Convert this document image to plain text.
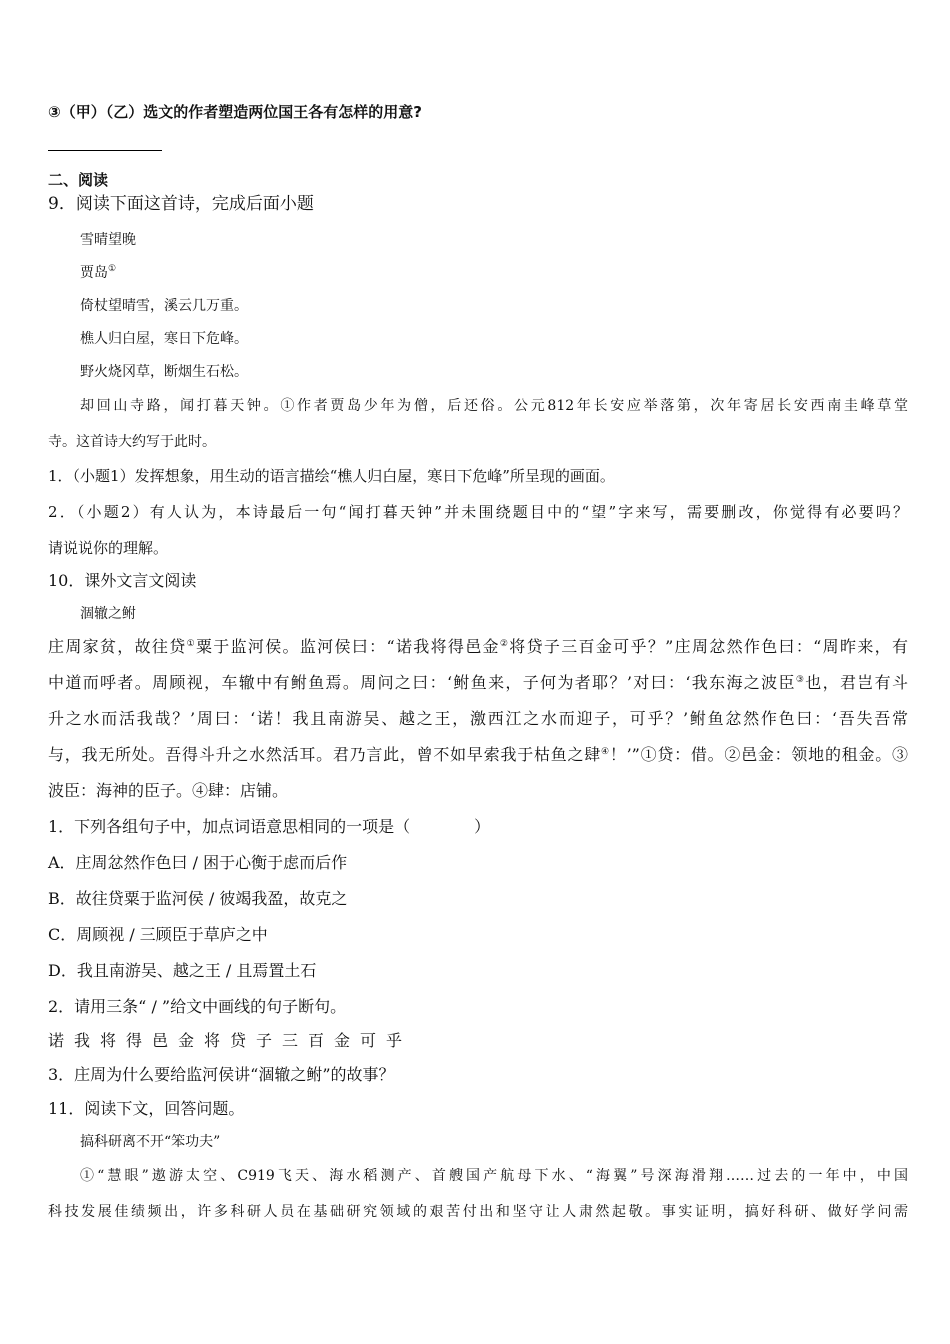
③（甲）（乙）选文的作者塑造两位国王各有怎样的用意?
二、阅读
9．阅读下面这首诗，完成后面小题
雪晴望晚
贾岛①
倚杖望晴雪，溪云几万重。
樵人归白屋，寒日下危峰。
野火烧冈草，断烟生石松。
却回山寺路，闻打暮天钟。①作者贾岛少年为僧，后还俗。公元812年长安应举落第，次年寄居长安西南圭峰草堂
寺。这首诗大约写于此时。
1．（小题1）发挥想象，用生动的语言描绘“樵人归白屋，寒日下危峰”所呈现的画面。
2．（小题2）有人认为，本诗最后一句“闻打暮天钟”并未围绕题目中的“望”字来写，需要删改，你觉得有必要吗？
请说说你的理解。
10．课外文言文阅读
涸辙之鲋
庄周家贫，故往贷①粟于监河侯。监河侯曰：“诺我将得邑金②将贷子三百金可乎？”庄周忿然作色曰：“周昨来，有
中道而呼者。周顾视，车辙中有鲋鱼焉。周问之曰：‘鲋鱼来，子何为者耶？’对曰：‘我东海之波臣③也，君岂有斗
升之水而活我哉？’周曰：‘诺！我且南游吴、越之王，激西江之水而迎子，可乎？’鲋鱼忿然作色曰：‘吾失吾常
与，我无所处。吾得斗升之水然活耳。君乃言此，曾不如早索我于枯鱼之肆④！’”①贷：借。②邑金：领地的租金。③
波臣：海神的臣子。④肆：店铺。
1．下列各组句子中，加点词语意思相同的一项是（　　　　）
A．庄周忿然作色曰 / 困于心衡于虑而后作
B．故往贷粟于监河侯 / 彼竭我盈，故克之
C．周顾视 / 三顾臣于草庐之中
D．我且南游吴、越之王 / 且焉置土石
2．请用三条“ / ”给文中画线的句子断句。
诺我将得邑金将贷子三百金可乎
3．庄周为什么要给监河侯讲“涸辙之鲋”的故事？
11．阅读下文，回答问题。
搞科研离不开“笨功夫”
①“慧眼”遨游太空、C919飞天、海水稻测产、首艘国产航母下水、“海翼”号深海滑翔……过去的一年中，中国
科技发展佳绩频出，许多科研人员在基础研究领域的艰苦付出和坚守让人肃然起敬。事实证明，搞好科研、做好学问需
